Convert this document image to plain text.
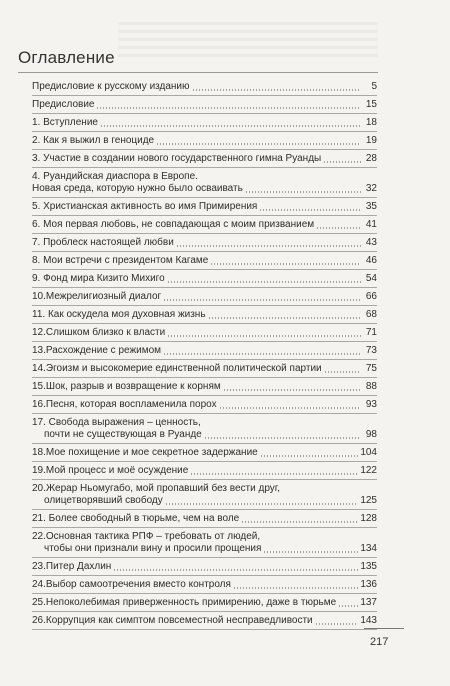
Оглавление
Предисловие к русскому изданию	5
Предисловие	15
1. Вступление	18
2. Как я выжил в геноциде	19
3. Участие в создании нового государственного гимна Руанды	28
4. Руандийская диаспора в Европе.
Новая среда, которую нужно было осваивать	32
5. Христианская активность во имя Примирения	35
6. Моя первая любовь, не совпадающая с моим призванием	41
7. Проблеск настоящей любви	43
8. Мои встречи с президентом Кагаме	46
9. Фонд мира Кизито Михиго	54
10.Межрелигиозный диалог	66
11. Как оскудела моя духовная жизнь	68
12.Слишком близко к власти	71
13.Расхождение с режимом	73
14.Эгоизм и высокомерие единственной политической партии	75
15.Шок, разрыв и возвращение к корням	88
16.Песня, которая воспламенила порох	93
17. Свобода выражения – ценность,
почти не существующая в Руанде	98
18.Мое похищение и мое секретное задержание	104
19.Мой процесс и моё осуждение	122
20.Жерар Ньомугабо, мой пропавший без вести друг,
олицетворявший свободу	125
21. Более свободный в тюрьме, чем на воле	128
22.Основная тактика РПФ – требовать от людей,
чтобы они признали вину и просили прощения	134
23.Питер Дахлин	135
24.Выбор самоотречения вместо контроля	136
25.Непоколебимая приверженность примирению, даже в тюрьме 137
26.Коррупция как симптом повсеместной несправедливости	143
217
